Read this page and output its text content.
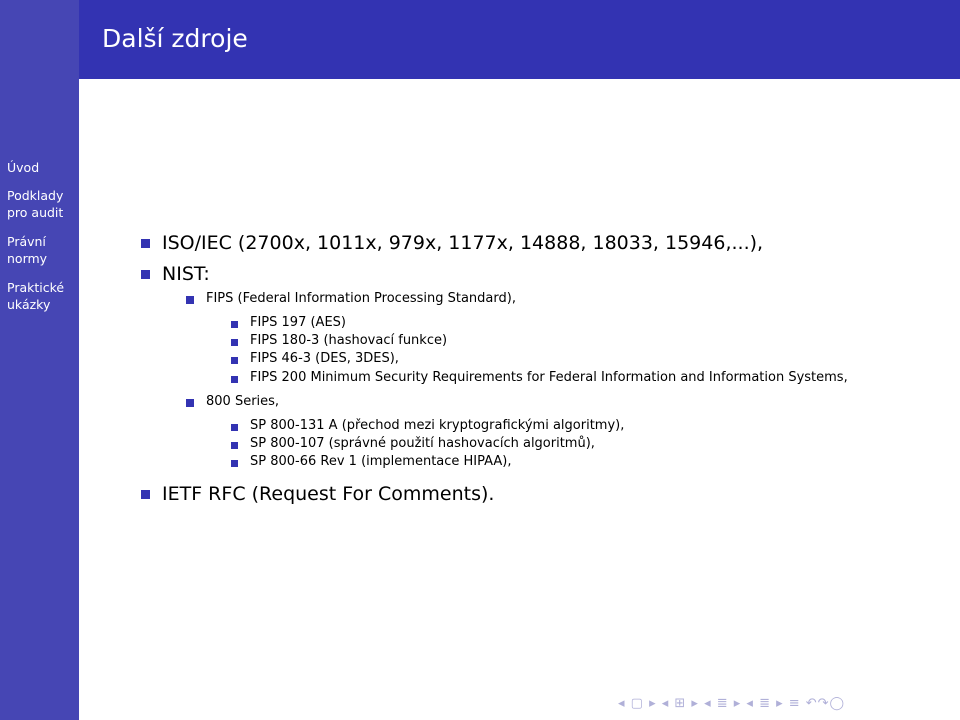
Další zdroje
Úvod
Podklady
pro audit
Právní
normy
Praktické
ukázky
ISO/IEC (2700x, 1011x, 979x, 1177x, 14888, 18033, 15946,...),
NIST:
FIPS (Federal Information Processing Standard),
FIPS 197 (AES)
FIPS 180-3 (hashovací funkce)
FIPS 46-3 (DES, 3DES),
FIPS 200 Minimum Security Requirements for Federal Information and Information Systems,
800 Series,
SP 800-131 A (přechod mezi kryptografickými algoritmy),
SP 800-107 (správné použití hashovacích algoritmů),
SP 800-66 Rev 1 (implementace HIPAA),
IETF RFC (Request For Comments).
◂ ▢ ▸ ◂ ⊞ ▸ ◂ ≣ ▸ ◂ ≣ ▸ ≡ ↶↷◯
